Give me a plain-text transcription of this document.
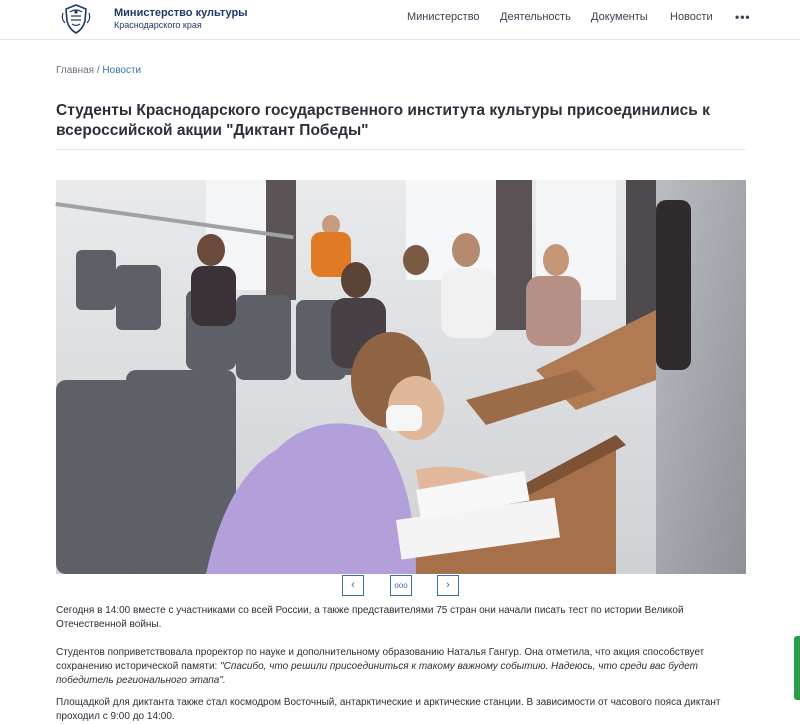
Министерство культуры
Краснодарского края
Министерство Деятельность Документы Новости •••
Главная / Новости
Студенты Краснодарского государственного института культуры присоединились к всероссийской акции "Диктант Победы"
‹	ооо	›

Сегодня в 14:00 вместе с участниками со всей России, а также представителями 75 стран они начали писать тест по истории Великой Отечественной войны.

Студентов поприветствовала проректор по науке и дополнительному образованию Наталья Гангур. Она отметила, что акция способствует сохранению исторической памяти: "Спасибо, что решили присоединиться к такому важному событию. Надеюсь, что среди вас будет победитель регионального этапа".

Площадкой для диктанта также стал космодром Восточный, антарктические и арктические станции. В зависимости от часового пояса диктант проходил с 9:00 до 14:00.
